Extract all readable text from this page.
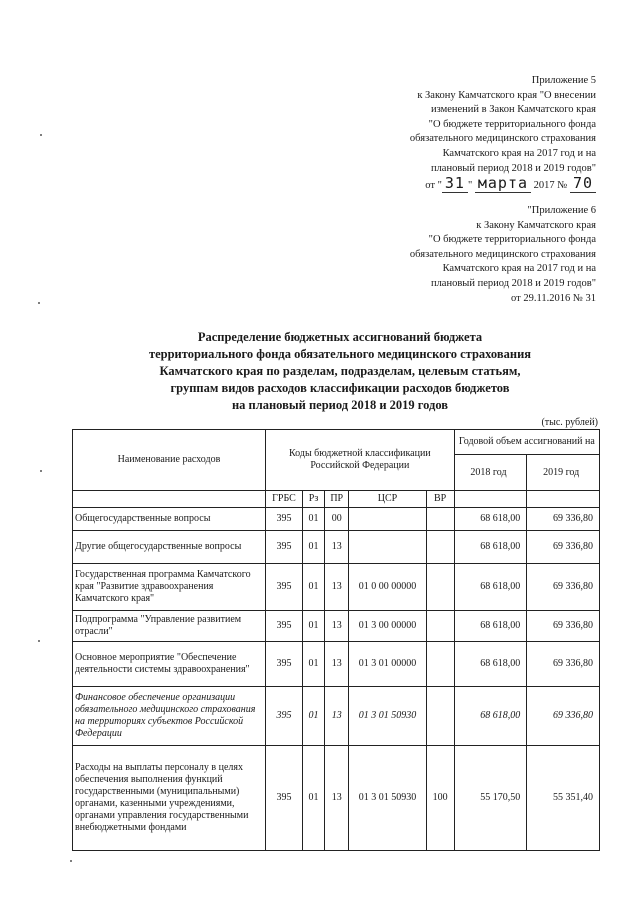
Приложение 5
к Закону Камчатского края "О внесении
изменений в Закон Камчатского края
"О бюджете территориального фонда
обязательного медицинского страхования
Камчатского края на 2017 год и на
плановый период 2018 и 2019 годов"
от " 31 " марта 2017 № 70
"Приложение 6
к Закону Камчатского края
"О бюджете территориального фонда
обязательного медицинского страхования
Камчатского края на 2017 год и на
плановый период 2018 и 2019 годов"
от 29.11.2016 № 31
Распределение бюджетных ассигнований бюджета
территориального фонда обязательного медицинского страхования
Камчатского края по разделам, подразделам, целевым статьям,
группам видов расходов классификации расходов бюджетов
на плановый период 2018 и 2019 годов
(тыс. рублей)
Наименование расходов	Коды бюджетной классификации Российской Федерации					Годовой объем ассигнований на	
						2018 год	2019 год
	ГРБС	Рз	ПР	ЦСР	ВР		
Общегосударственные вопросы	395	01	00			68 618,00	69 336,80
Другие общегосударственные вопросы	395	01	13			68 618,00	69 336,80
Государственная программа Камчатского края "Развитие здравоохранения Камчатского края"	395	01	13	01 0 00 00000		68 618,00	69 336,80
Подпрограмма "Управление развитием отрасли"	395	01	13	01 3 00 00000		68 618,00	69 336,80
Основное мероприятие "Обеспечение деятельности системы здравоохранения"	395	01	13	01 3 01 00000		68 618,00	69 336,80
Финансовое обеспечение организации обязательного медицинского страхования на территориях субъектов Российской Федерации	395	01	13	01 3 01 50930		68 618,00	69 336,80
Расходы на выплаты персоналу в целях обеспечения выполнения функций государственными (муниципальными) органами, казенными учреждениями, органами управления государственными внебюджетными фондами	395	01	13	01 3 01 50930	100	55 170,50	55 351,40
